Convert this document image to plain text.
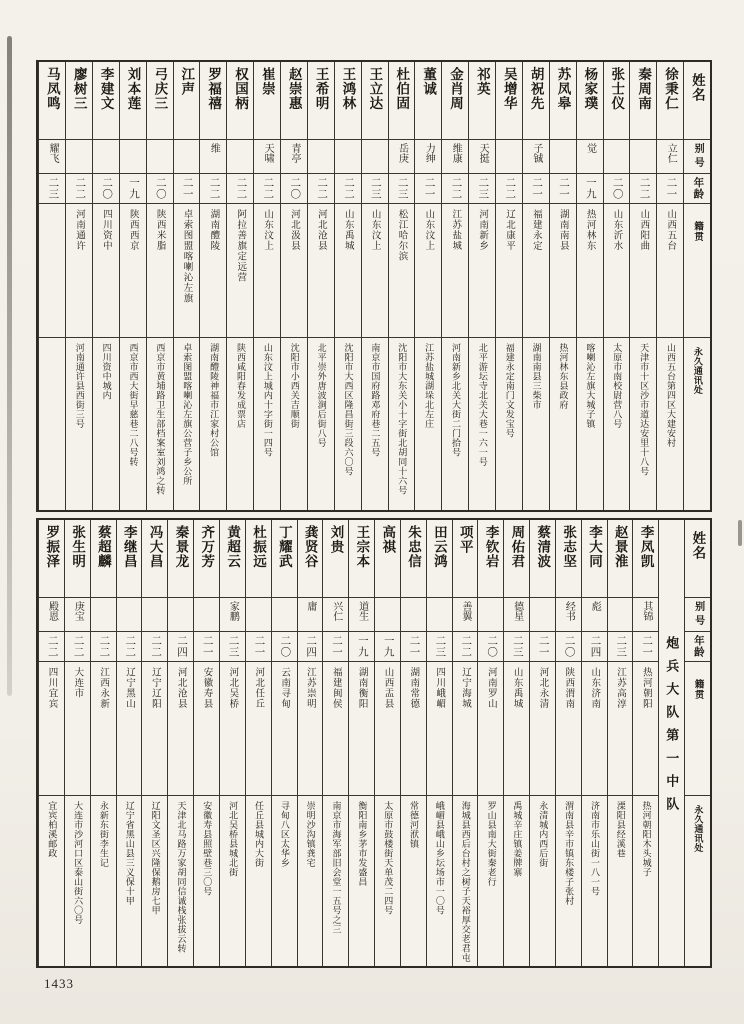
姓名
别号
年龄
籍贯
永久通讯处
徐秉仁
立仁
二一
山西五台
山西五台第四区大建安村
秦周南
二二
山西阳曲
天津市十区沙市道达安里十八号
张士仪
二〇
山东沂水
太原市南校尉营八号
杨家璞
觉
一九
热河林东
喀喇沁左旗大城子镇
苏凤皋
二一
湖南南县
热河林东县政府
胡祝先
子铖
二一
福建永定
湖南南县三柴市
吴增华
二二
辽北康平
福建永定南门文发宝号
祁英
天挺
二三
河南新乡
北平游坛寺北关大巷一六一号
金肖周
维康
二二
江苏盐城
河南新乡北关大街二门拾号
董诚
力绅
二一
山东汶上
江苏盐城湖垛北左庄
杜伯固
岳庚
二三
松江哈尔滨
沈阳市大东关小十字街北胡同十六号
王立达
二三
山东汶上
南京市国府路邓府巷二五号
王鸿林
二二
山东禹城
沈阳市大西区隆昌街三段六〇号
王希明
二二
河北沧县
北平崇外唐波涧后街八号
赵崇惠
青亭
二〇
河北汲县
沈阳市小西关吉顺街
崔崇
天啸
二二
山东汶上
山东汶上城内十字街一四号
权国柄
二二
阿拉善旗定远营
陕西咸阳春发成票店
罗福禧
维
二二
湖南醴陵
湖南醴陵神福市江家村公馆
江声
二一
卓索图盟喀喇沁左旗
卓索图盟喀喇沁左旗公营子乡公所
弓庆三
二〇
陕西米脂
西京市黄埔路卫生部档案室刘鸿之转
刘本莲
一九
陕西西京
西京市西大街早慈巷二八号转
李建文
二〇
四川资中
四川资中城内
廖树三
二二
河南通许
河南通许县西街三号
马凤鸣
耀飞
二三
姓名
别号
年龄
籍贯
永久通讯处
炮兵大队第一中队
李凤凯
其锦
二一
热河朝阳
热河朝阳木头城子
赵景淮
二三
江苏高淳
溧阳县经溪巷
李大同
彪
二四
山东济南
济南市乐山街一八一号
张志坚
经书
二〇
陕西渭南
渭南县辛市镇东楼子张村
蔡清波
二一
河北永清
永清城内西后街
周佑君
德星
二三
山东禹城
禹城辛庄镇姜牌寨
李钦岩
二〇
河南罗山
罗山县南大街秦老行
项平
善翼
二二
辽宁海城
海城县西后台村之树子天裕厚交老君屯
田云鸿
二三
四川峨嵋
峨嵋县峨山乡坛场市一〇号
朱忠信
二一
湖南常德
常德河洑镇
高祺
一九
山西盂县
太原市鼓楼街天单茂二四号
王宗本
道生
一九
湖南衡阳
衡阳南乡茅市发盛昌
刘贵
兴仁
二一
福建闽侯
南京市海军部旧会堂一五号之三
龚贤谷
庸
二四
江苏崇明
崇明沙沟镇龚宅
丁耀武
二〇
云南寻甸
寻甸八区太华乡
杜振远
二一
河北任丘
任丘县城内大街
黄超云
家鹏
二三
河北吴桥
河北吴桥县城北街
齐万芳
二一
安徽寿县
安徽寿县照壁巷三〇号
秦景龙
二四
河北沧县
天津北马路万家胡同信诚栈张拔云转
冯大昌
二二
辽宁辽阳
辽阳文圣区兴隆保鹅房七甲
李继昌
二二
辽宁黑山
辽宁省黑山县三义保十甲
蔡超麟
二二
江西永新
永新东街李生记
张生明
庚宝
二二
大连市
大连市沙河口区泰山街六〇号
罗振泽
殿恩
二二
四川宜宾
宜宾柏溪邮政
1433
